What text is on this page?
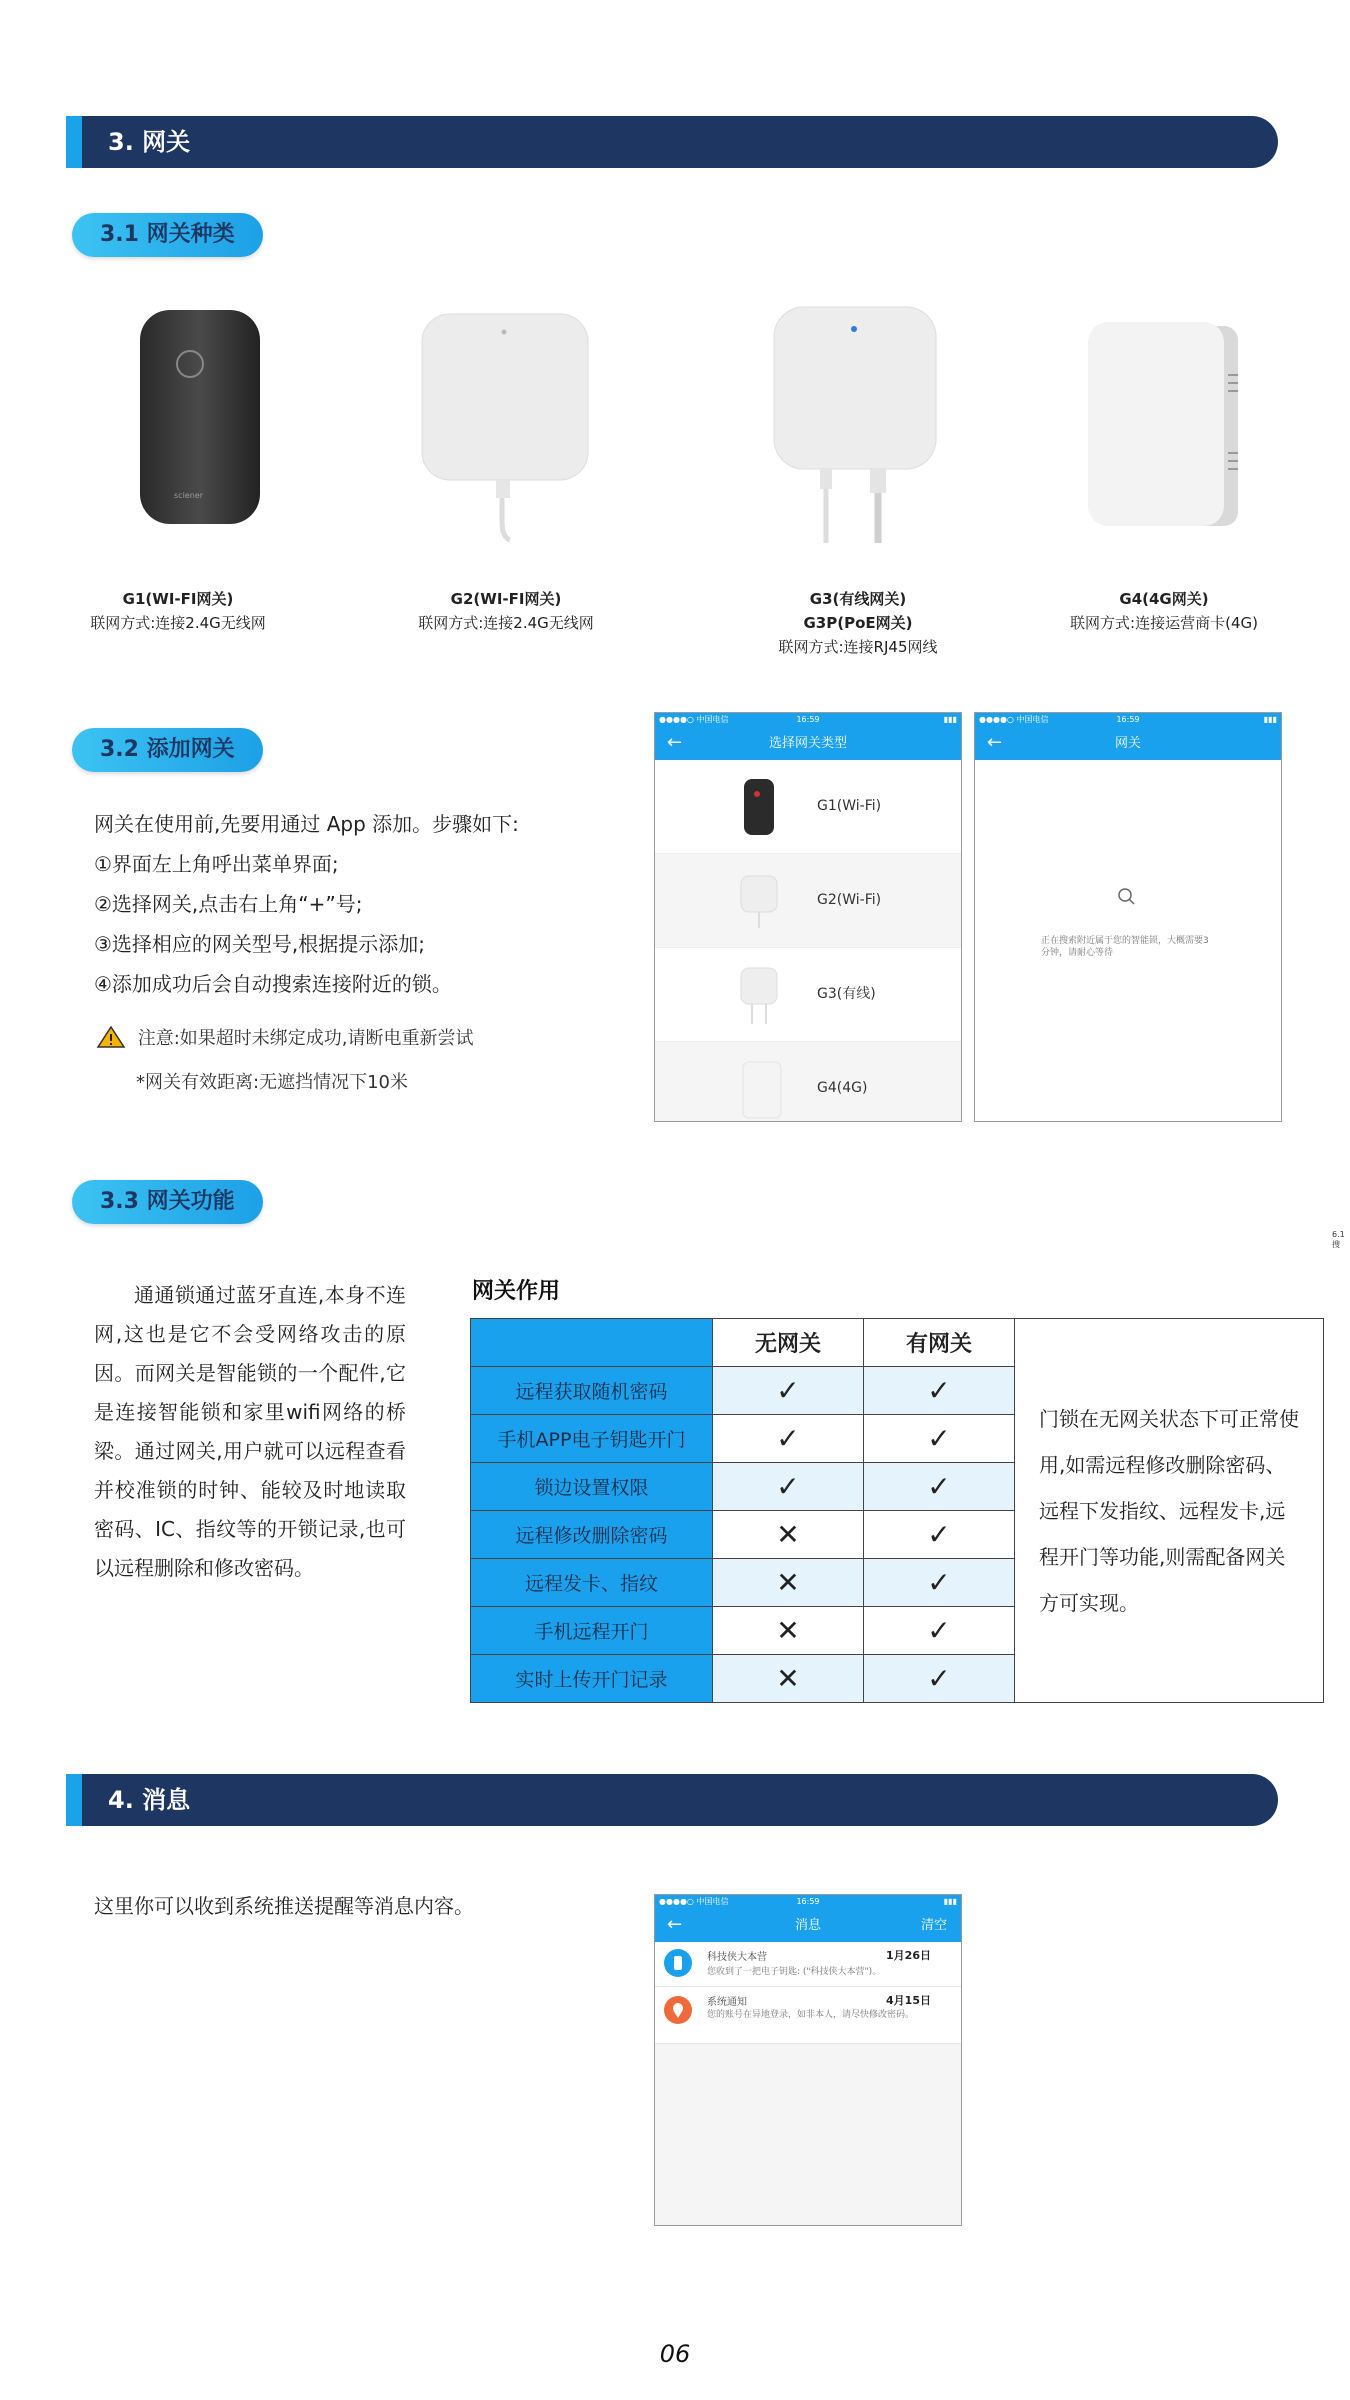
3. 网关
3.1 网关种类
sciener
G1(WI-FI网关)
联网方式:连接2.4G无线网
G2(WI-FI网关)
联网方式:连接2.4G无线网
G3(有线网关)
G3P(PoE网关)
联网方式:连接RJ45网线
G4(4G网关)
联网方式:连接运营商卡(4G)
3.2 添加网关
网关在使用前,先要用通过 App 添加。步骤如下:
①界面左上角呼出菜单界面;
②选择网关,点击右上角“+”号;
③选择相应的网关型号,根据提示添加;
④添加成功后会自动搜索连接附近的锁。
注意:如果超时未绑定成功,请断电重新尝试
*网关有效距离:无遮挡情况下10米
●●●●○ 中国电信	16:59	▮▮▮
←	选择网关类型
G1(Wi-Fi)
G2(Wi-Fi)
G3(有线)
G4(4G)
●●●●○ 中国电信	16:59	▮▮▮
←	网关
正在搜索附近属于您的智能锁，大概需要3分钟，请耐心等待
6.1 搜
3.3 网关功能
通通锁通过蓝牙直连,本身不连网,这也是它不会受网络攻击的原因。而网关是智能锁的一个配件,它是连接智能锁和家里wifi网络的桥梁。通过网关,用户就可以远程查看并校准锁的时钟、能较及时地读取密码、IC、指纹等的开锁记录,也可以远程删除和修改密码。
网关作用
	无网关	有网关	门锁在无网关状态下可正常使用,如需远程修改删除密码、远程下发指纹、远程发卡,远程开门等功能,则需配备网关方可实现。
远程获取随机密码	✓	✓	
手机APP电子钥匙开门	✓	✓	
锁边设置权限	✓	✓	
远程修改删除密码	✕	✓	
远程发卡、指纹	✕	✓	
手机远程开门	✕	✓	
实时上传开门记录	✕	✓	
4. 消息
这里你可以收到系统推送提醒等消息内容。	●●●●○ 中国电信	16:59	▮▮▮
←	消息	清空
科技侠大本营	1月26日
您收到了一把电子钥匙: ("科技侠大本营")。
系统通知	4月15日
您的账号在异地登录，如非本人，请尽快修改密码。
06
